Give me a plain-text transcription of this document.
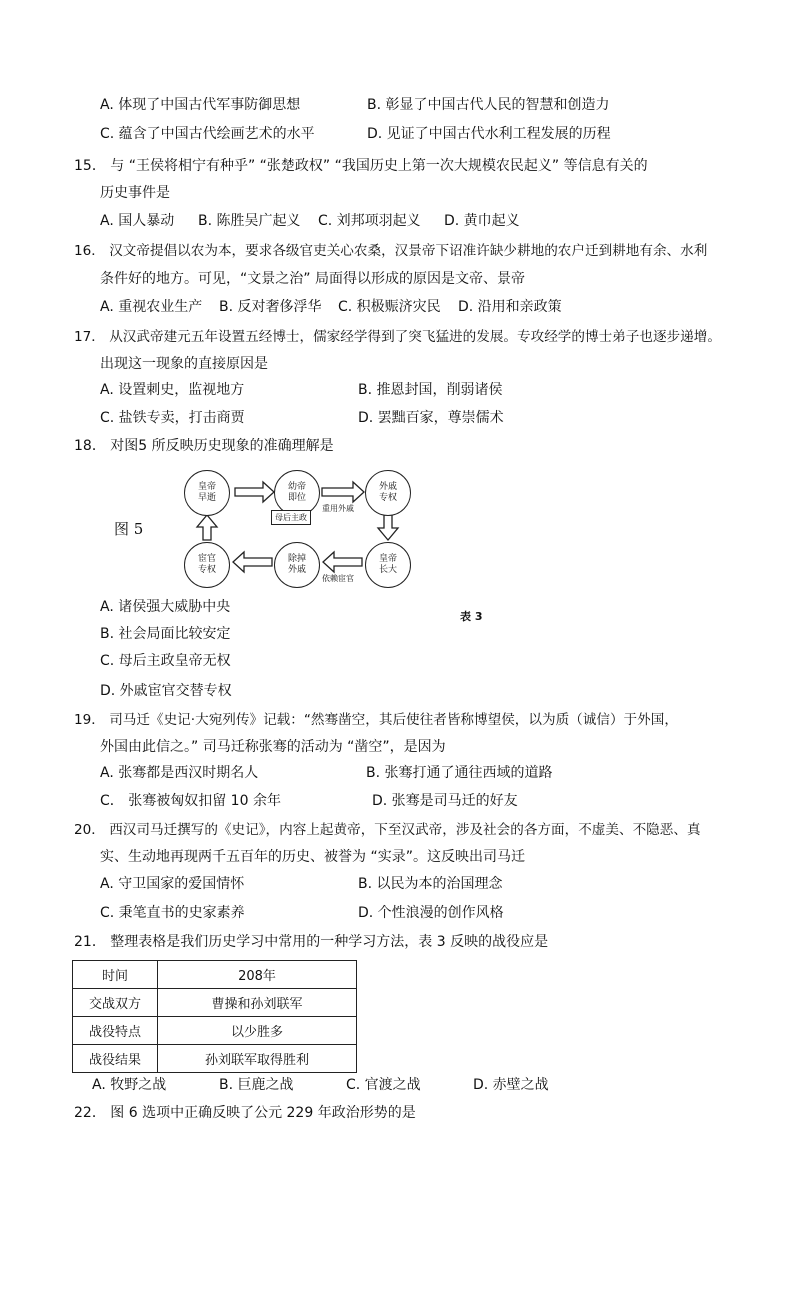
A. 体现了中国古代军事防御思想	B. 彰显了中国古代人民的智慧和创造力
C. 蕴含了中国古代绘画艺术的水平	D. 见证了中国古代水利工程发展的历程
15． 与 “王侯将相宁有种乎” “张楚政权” “我国历史上第一次大规模农民起义” 等信息有关的
历史事件是
A. 国人暴动 B. 陈胜吴广起义 C. 刘邦项羽起义 D. 黄巾起义
16． 汉文帝提倡以农为本，要求各级官吏关心农桑，汉景帝下诏准许缺少耕地的农户迁到耕地有余、水利
条件好的地方。可见，“文景之治” 局面得以形成的原因是文帝、景帝
A. 重视农业生产 B. 反对奢侈浮华 C. 积极赈济灾民 D. 沿用和亲政策
17． 从汉武帝建元五年设置五经博士，儒家经学得到了突飞猛进的发展。专攻经学的博士弟子也逐步递增。
出现这一现象的直接原因是
A. 设置刺史，监视地方	B. 推恩封国，削弱诸侯
C. 盐铁专卖，打击商贾	D. 罢黜百家，尊崇儒术
18． 对图5 所反映历史现象的准确理解是
图 5
皇帝
早逝
幼帝
即位
外戚
专权
皇帝
长大
除掉
外戚
宦官
专权
母后主政
重用外戚
依赖宦官
A. 诸侯强大威胁中央
表 3
B. 社会局面比较安定
C. 母后主政皇帝无权
D. 外戚宦官交替专权
19． 司马迁《史记·大宛列传》记载：“然骞凿空，其后使往者皆称博望侯，以为质（诚信）于外国，
外国由此信之。” 司马迁称张骞的活动为 “凿空”，是因为
A. 张骞都是西汉时期名人	B. 张骞打通了通往西域的道路
C． 张骞被匈奴扣留 10 余年	D. 张骞是司马迁的好友
20． 西汉司马迁撰写的《史记》，内容上起黄帝，下至汉武帝，涉及社会的各方面，不虚美、不隐恶、真
实、生动地再现两千五百年的历史、被誉为 “实录”。这反映出司马迁
A. 守卫国家的爱国情怀	B. 以民为本的治国理念
C. 秉笔直书的史家素养	D. 个性浪漫的创作风格
21． 整理表格是我们历史学习中常用的一种学习方法，表 3 反映的战役应是
时间	208年
交战双方	曹操和孙刘联军
战役特点	以少胜多
战役结果	孙刘联军取得胜利
A. 牧野之战	B. 巨鹿之战	C. 官渡之战	D. 赤壁之战
22． 图 6 选项中正确反映了公元 229 年政治形势的是
